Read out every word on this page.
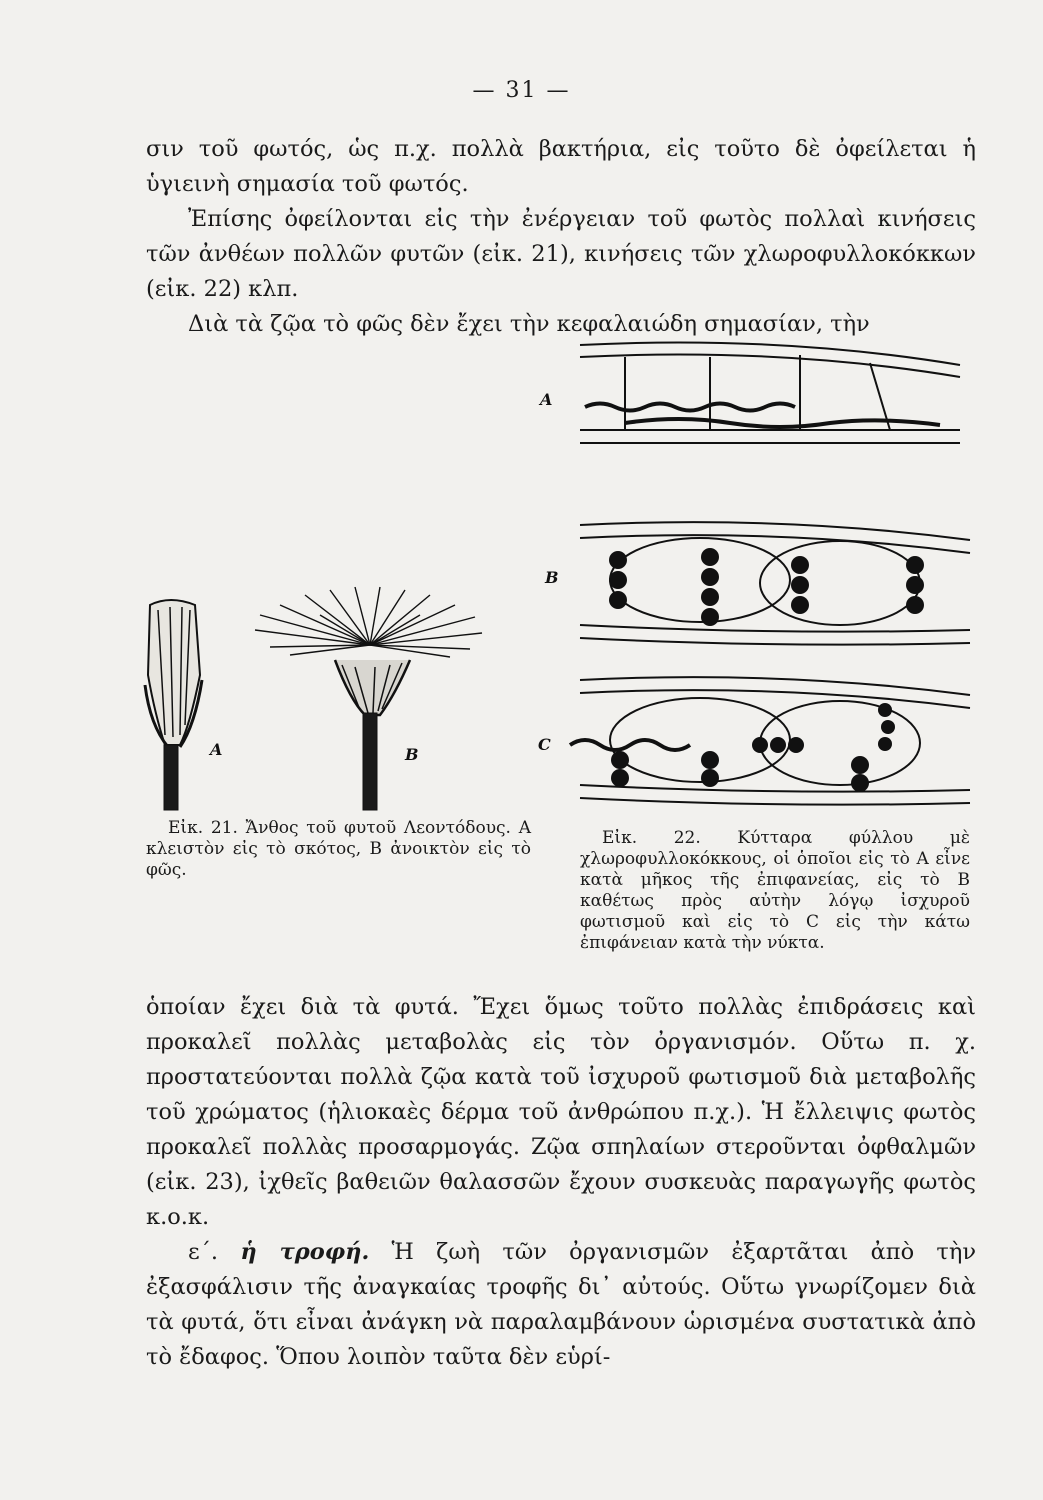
— 31 —

σιν τοῦ φωτός, ὡς π.χ. πολλὰ βακτήρια, εἰς τοῦτο δὲ ὀφείλεται ἡ ὑγιεινὴ σημασία τοῦ φωτός.

Ἐπίσης ὀφείλονται εἰς τὴν ἐνέργειαν τοῦ φωτὸς πολλαὶ κινήσεις τῶν ἀνθέων πολλῶν φυτῶν (εἰκ. 21), κινήσεις τῶν χλωροφυλλοκόκκων (εἰκ. 22) κλπ.

Διὰ τὰ ζῷα τὸ φῶς δὲν ἔχει τὴν κεφαλαιώδη σημασίαν, τὴν

A	B
A
B
C

Εἰκ. 21. Ἄνθος τοῦ φυτοῦ Λεοντόδους. Α κλειστὸν εἰς τὸ σκότος, Β ἀνοικτὸν εἰς τὸ φῶς.

Εἰκ. 22. Κύτταρα φύλλου μὲ χλωροφυλλοκόκκους, οἱ ὁποῖοι εἰς τὸ Α εἶνε κατὰ μῆκος τῆς ἐπιφανείας, εἰς τὸ Β καθέτως πρὸς αὐτὴν λόγῳ ἰσχυροῦ φωτισμοῦ καὶ εἰς τὸ C εἰς τὴν κάτω ἐπιφάνειαν κατὰ τὴν νύκτα.

ὁποίαν ἔχει διὰ τὰ φυτά. Ἔχει ὅμως τοῦτο πολλὰς ἐπιδράσεις καὶ προκαλεῖ πολλὰς μεταβολὰς εἰς τὸν ὀργανισμόν. Οὕτω π. χ. προστατεύονται πολλὰ ζῷα κατὰ τοῦ ἰσχυροῦ φωτισμοῦ διὰ μεταβολῆς τοῦ χρώματος (ἡλιοκαὲς δέρμα τοῦ ἀνθρώπου π.χ.). Ἡ ἔλλειψις φωτὸς προκαλεῖ πολλὰς προσαρμογάς. Ζῷα σπηλαίων στεροῦνται ὀφθαλμῶν (εἰκ. 23), ἰχθεῖς βαθειῶν θαλασσῶν ἔχουν συσκευὰς παραγωγῆς φωτὸς κ.ο.κ.

ε΄. ἡ τροφή. Ἡ ζωὴ τῶν ὀργανισμῶν ἐξαρτᾶται ἀπὸ τὴν ἐξασφάλισιν τῆς ἀναγκαίας τροφῆς δι᾽ αὐτούς. Οὕτω γνωρίζομεν διὰ τὰ φυτά, ὅτι εἶναι ἀνάγκη νὰ παραλαμβάνουν ὡρισμένα συστατικὰ ἀπὸ τὸ ἔδαφος. Ὅπου λοιπὸν ταῦτα δὲν εὑρί-
